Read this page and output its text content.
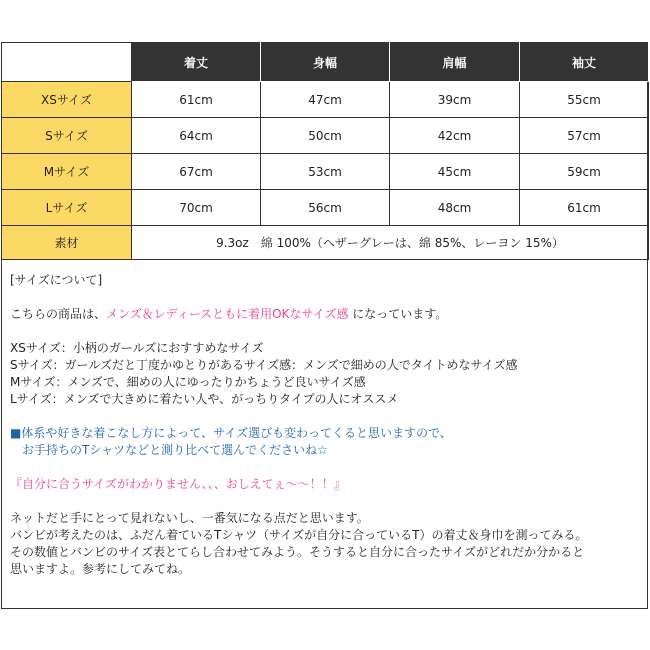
	着丈	身幅	肩幅	袖丈
XSサイズ	61cm	47cm	39cm	55cm
Sサイズ	64cm	50cm	42cm	57cm
Mサイズ	67cm	53cm	45cm	59cm
Lサイズ	70cm	56cm	48cm	61cm
素材	9.3oz　綿 100%（ヘザーグレーは、綿 85%、レーヨン 15%）			

[サイズについて]

こちらの商品は、メンズ＆レディースともに着用OKなサイズ感 になっています。

XSサイズ：小柄のガールズにおすすめなサイズ

Sサイズ：ガールズだと丁度かゆとりがあるサイズ感：メンズで細めの人でタイトめなサイズ感

Mサイズ：メンズで、細めの人にゆったりかちょうど良いサイズ感

Lサイズ：メンズで大きめに着たい人や、がっちりタイプの人にオススメ

■体系や好きな着こなし方によって、サイズ選びも変わってくると思いますので、

　お手持ちのTシャツなどと測り比べて選んでくださいね☆

『自分に合うサイズがわかりません、、、おしえてぇ～～！！』

ネットだと手にとって見れないし、一番気になる点だと思います。

バンビが考えたのは、ふだん着ているTシャツ（サイズが自分に合っているT）の着丈＆身巾を測ってみる。

その数値とバンビのサイズ表とてらし合わせてみよう。そうすると自分に合ったサイズがどれだか分かると

思いますよ。参考にしてみてね。
